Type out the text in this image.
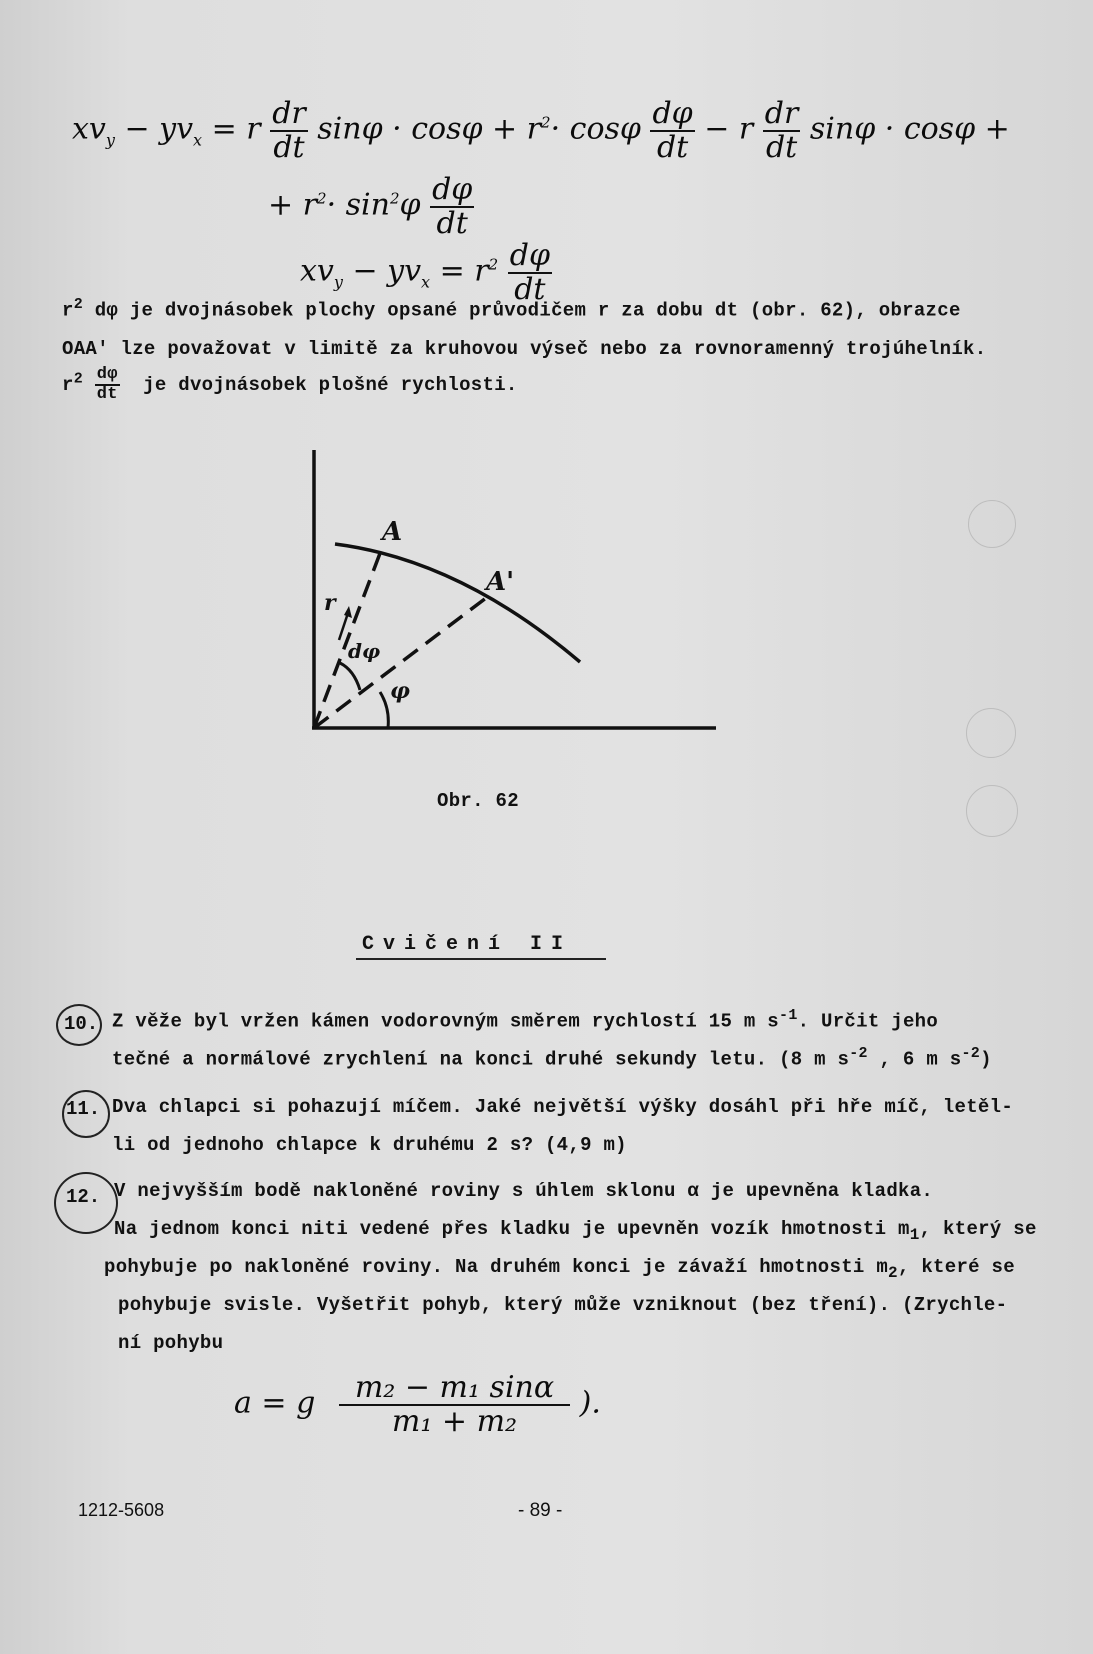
$xv_y - yv_x = r \frac{dr}{dt}$ $\sin\varphi \cdot \cos\varphi + r^2\cdot \cos\varphi \frac{d\varphi}{dt} - r \frac{dr}{dt}$ sinφ · cosφ +
+ $r^2\cdot \sin^2\varphi \frac{d\varphi}{dt}$
$xv_y - yv_x = r^2 \frac{d\varphi}{dt}$
$r^2$ dφ je dvojnásobek plochy opsané průvodičem r za dobu dt (obr. 62), obrazce
OAA' lze považovat v limitě za kruhovou výseč nebo za rovnoramenný trojúhelník.
$r^2 \frac{d\varphi}{dt}$ je dvojnásobek plošné rychlosti.
A
A'
r
dφ
φ
Obr. 62
Cvičení II
10. Z věže byl vržen kámen vodorovným směrem rychlostí 15 m $s^{-1}$. Určit jeho
tečné a normálové zrychlení na konci druhé sekundy letu. (8 m $s^{-2}$ , 6 m $s^{-2}$)
11. Dva chlapci si pohazují míčem. Jaké největší výšky dosáhl při hře míč, letěl-
li od jednoho chlapce k druhému 2 s? (4,9 m)
12. V nejvyšším bodě nakloněné roviny s úhlem sklonu α je upevněna kladka.
Na jednom konci niti vedené přes kladku je upevněn vozík hmotnosti $m_1$, který se
pohybuje po nakloněné roviny. Na druhém konci je závaží hmotnosti $m_2$, které se
pohybuje svisle. Vyšetřit pohyb, který může vzniknout (bez tření). (Zrychle-
ní pohybu
a = g $\frac{\text{m₂ − m₁ sinα}}{\text{m₁ + m₂}}$ ).
1212-5608	- 89 -
